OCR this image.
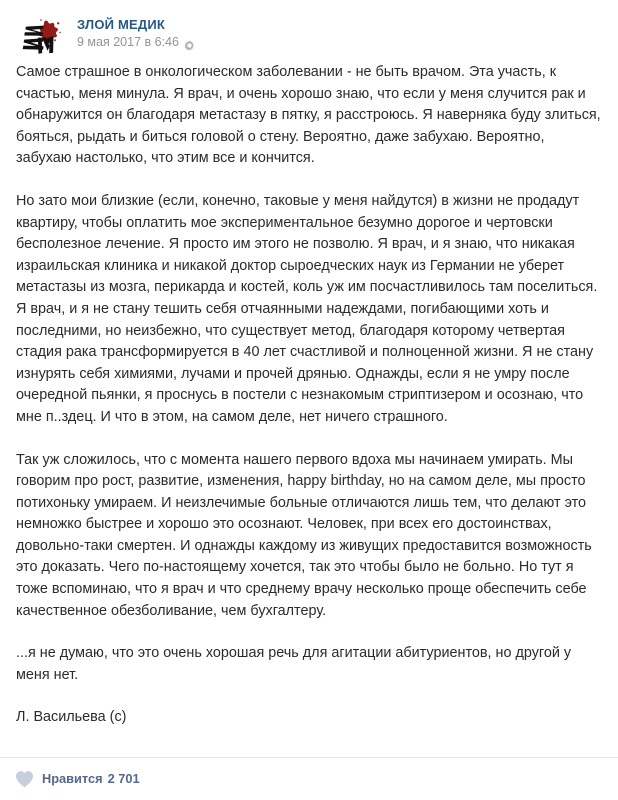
ЗЛОЙ МЕДИК
9 мая 2017 в 6:46

Самое страшное в онкологическом заболевании - не быть врачом. Эта участь, к счастью, меня минула. Я врач, и очень хорошо знаю, что если у меня случится рак и обнаружится он благодаря метастазу в пятку, я расстроюсь. Я наверняка буду злиться, бояться, рыдать и биться головой о стену. Вероятно, даже забухаю. Вероятно, забухаю настолько, что этим все и кончится.

Но зато мои близкие (если, конечно, таковые у меня найдутся) в жизни не продадут квартиру, чтобы оплатить мое экспериментальное безумно дорогое и чертовски бесполезное лечение. Я просто им этого не позволю. Я врач, и я знаю, что никакая израильская клиника и никакой доктор сыроедческих наук из Германии не уберет метастазы из мозга, перикарда и костей, коль уж им посчастливилось там поселиться. Я врач, и я не стану тешить себя отчаянными надеждами, погибающими хоть и последними, но неизбежно, что существует метод, благодаря которому четвертая стадия рака трансформируется в 40 лет счастливой и полноценной жизни. Я не стану изнурять себя химиями, лучами и прочей дрянью. Однажды, если я не умру после очередной пьянки, я проснусь в постели с незнакомым стриптизером и осознаю, что мне п..здец. И что в этом, на самом деле, нет ничего страшного.

Так уж сложилось, что с момента нашего первого вдоха мы начинаем умирать. Мы говорим про рост, развитие, изменения, happy birthday, но на самом деле, мы просто потихоньку умираем. И неизлечимые больные отличаются лишь тем, что делают это немножко быстрее и хорошо это осознают. Человек, при всех его достоинствах, довольно-таки смертен. И однажды каждому из живущих предоставится возможность это доказать. Чего по-настоящему хочется, так это чтобы было не больно. Но тут я тоже вспоминаю, что я врач и что среднему врачу несколько проще обеспечить себе качественное обезболивание, чем бухгалтеру.

...я не думаю, что это очень хорошая речь для агитации абитуриентов, но другой у меня нет.

Л. Васильева (с)

Нравится 2 701
